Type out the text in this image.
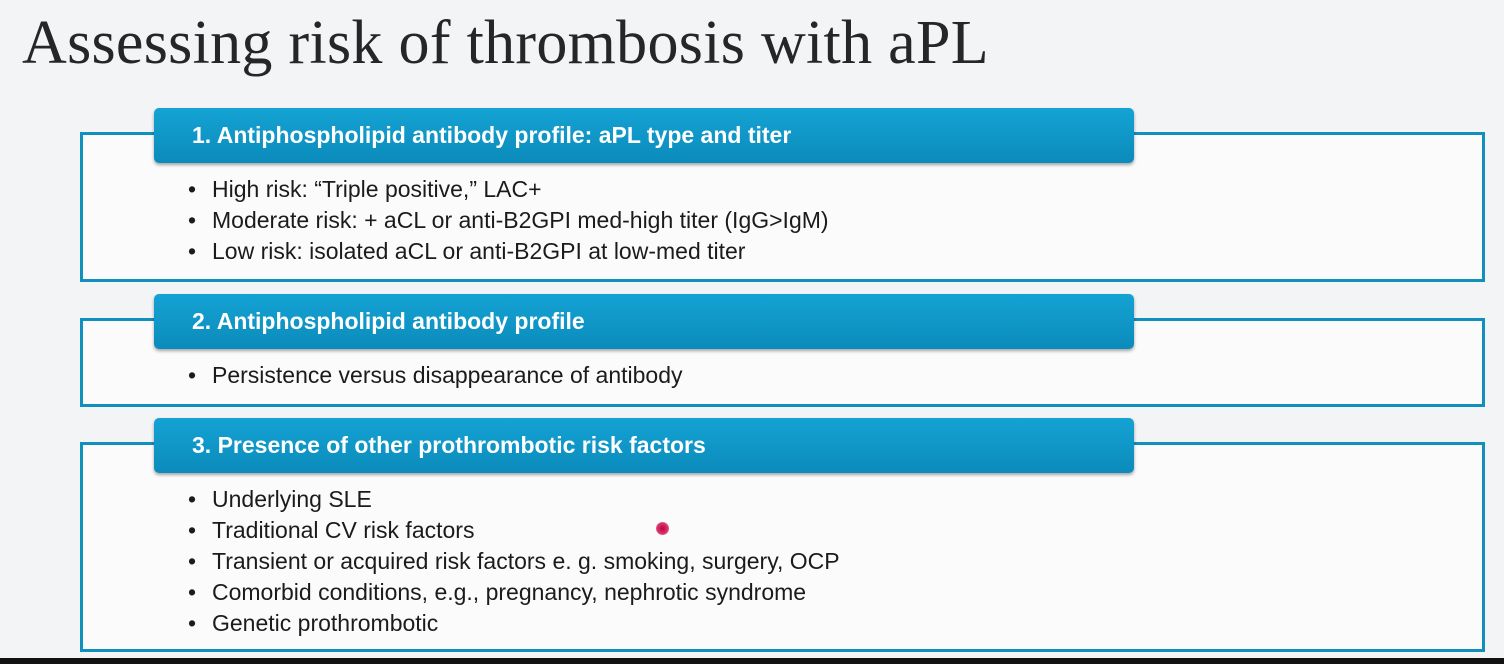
Assessing risk of thrombosis with aPL
1. Antiphospholipid antibody profile: aPL type and titer
• High risk: “Triple positive,” LAC+
• Moderate risk: + aCL or anti-B2GPI med-high titer (IgG>IgM)
• Low risk: isolated aCL or anti-B2GPI at low-med titer
2. Antiphospholipid antibody profile
• Persistence versus disappearance of antibody
3. Presence of other prothrombotic risk factors
• Underlying SLE
• Traditional CV risk factors
• Transient or acquired risk factors e. g. smoking, surgery, OCP
• Comorbid conditions, e.g., pregnancy, nephrotic syndrome
• Genetic prothrombotic
